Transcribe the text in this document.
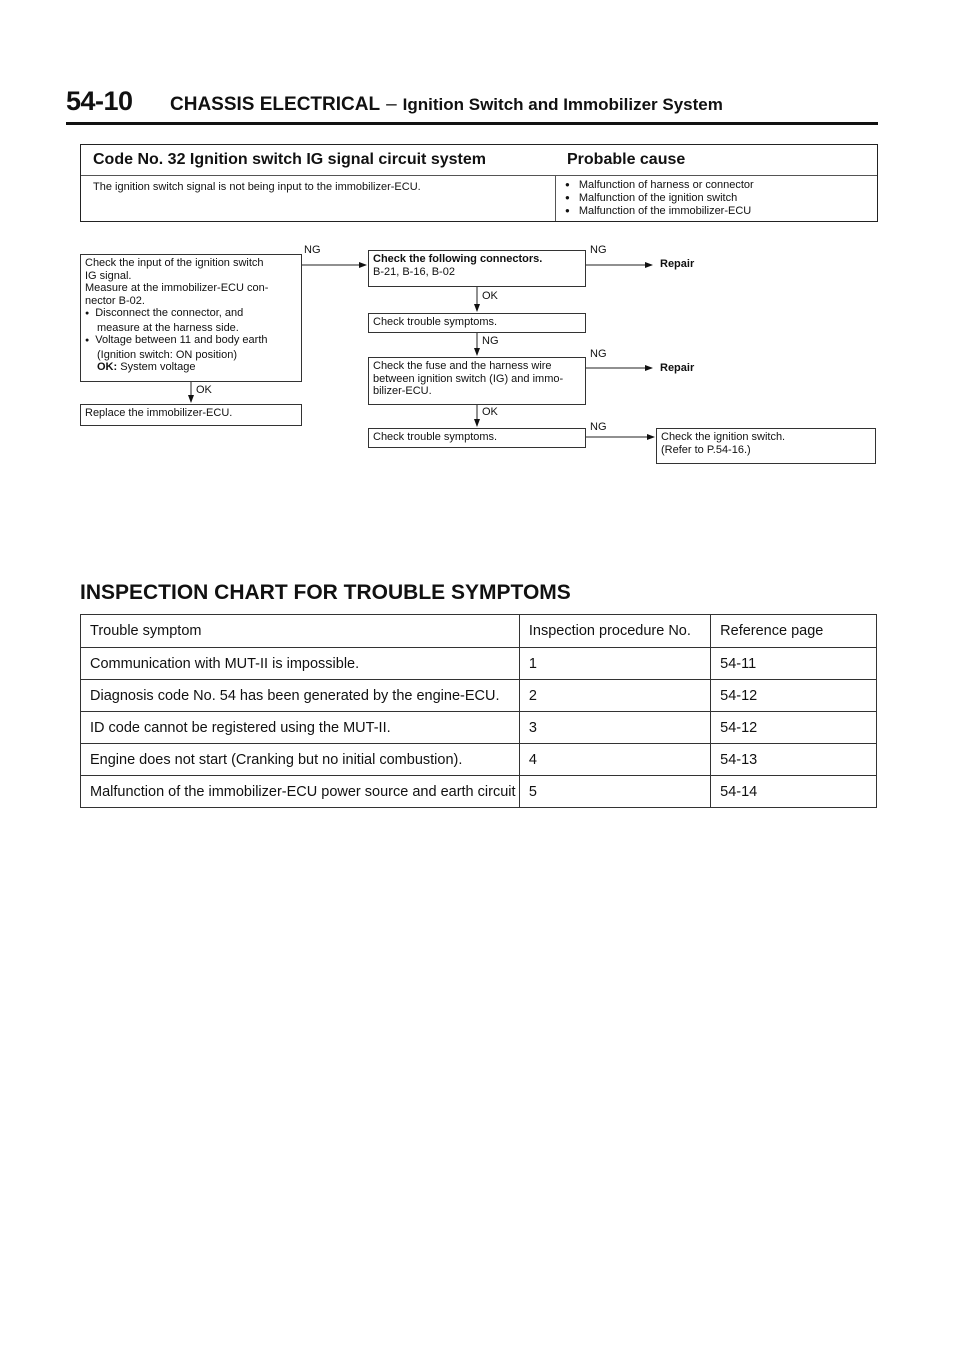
54-10 CHASSIS ELECTRICAL – Ignition Switch and Immobilizer System
Code No. 32 Ignition switch IG signal circuit system	Probable cause
The ignition switch signal is not being input to the immobilizer-ECU.	● Malfunction of harness or connector
● Malfunction of the ignition switch
● Malfunction of the immobilizer-ECU
Check the input of the ignition switch
IG signal.
Measure at the immobilizer-ECU con-
nector B-02.
● Disconnect the connector, and
measure at the harness side.
● Voltage between 11 and body earth
(Ignition switch: ON position)
OK: System voltage
Replace the immobilizer-ECU.
Check the following connectors.
B-21, B-16, B-02
Check trouble symptoms.
Check the fuse and the harness wire
between ignition switch (IG) and immo-
bilizer-ECU.
Check trouble symptoms.	Check the ignition switch.
(Refer to P.54-16.)
NG
OK
NG
Repair
OK
NG
NG
Repair
OK
NG
INSPECTION CHART FOR TROUBLE SYMPTOMS
Trouble symptom	Inspection procedure No.	Reference page
Communication with MUT-II is impossible.	1	54-11
Diagnosis code No. 54 has been generated by the engine-ECU.	2	54-12
ID code cannot be registered using the MUT-II.	3	54-12
Engine does not start (Cranking but no initial combustion).	4	54-13
Malfunction of the immobilizer-ECU power source and earth circuit	5	54-14
